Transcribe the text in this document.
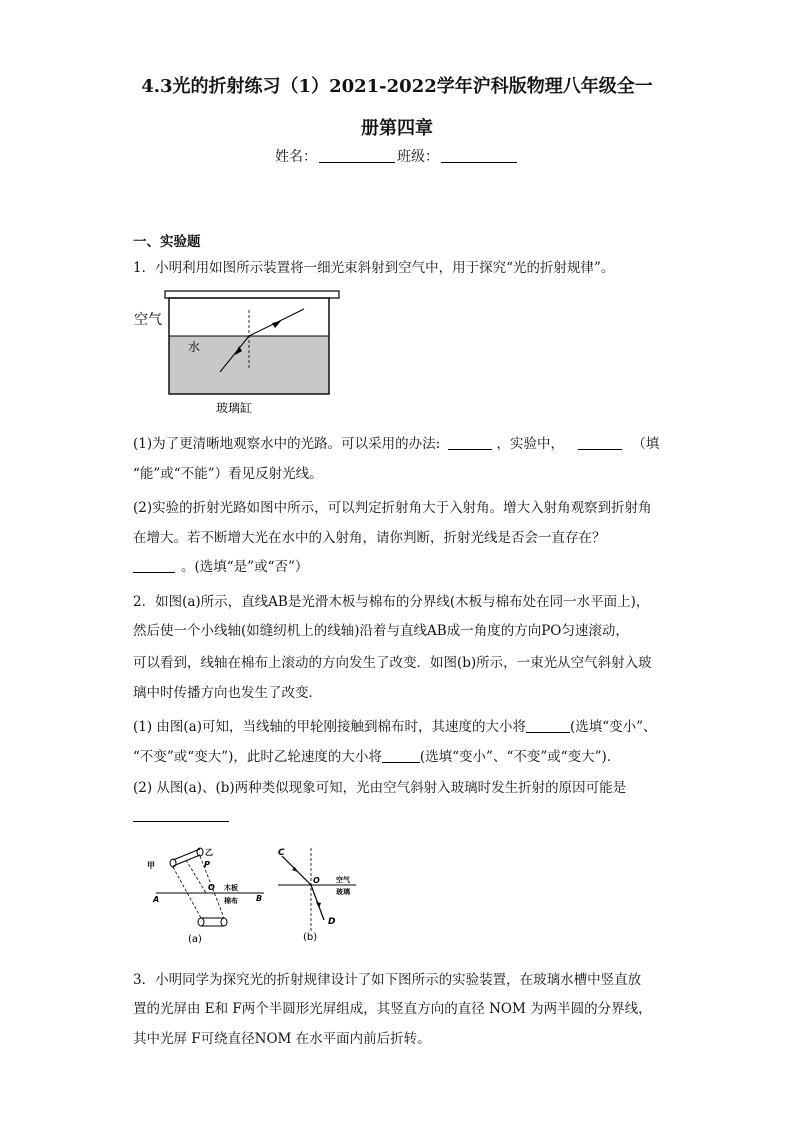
4.3光的折射练习（1）2021-2022学年沪科版物理八年级全一
册第四章
姓名：	班级：
一、实验题
1．小明利用如图所示装置将一细光束斜射到空气中，用于探究“光的折射规律”。
空气
水
玻璃缸
(1)为了更清晰地观察水中的光路。可以采用的办法:	，实验中，	（填
“能”或“不能”）看见反射光线。
(2)实验的折射光路如图中所示，可以判定折射角大于入射角。增大入射角观察到折射角
在增大。若不断增大光在水中的入射角，请你判断，折射光线是否会一直存在？
。(选填“是”或“否”）
2．如图(a)所示，直线AB是光滑木板与棉布的分界线(木板与棉布处在同一水平面上)，
然后使一个小线轴(如缝纫机上的线轴)沿着与直线AB成一角度的方向PO匀速滚动，
可以看到，线轴在棉布上滚动的方向发生了改变．如图(b)所示，一束光从空气斜射入玻
璃中时传播方向也发生了改变．
(1) 由图(a)可知，当线轴的甲轮刚接触到棉布时，其速度的大小将	(选填“变小”、
“不变”或“变大”)，此时乙轮速度的大小将	(选填“变小”、“不变”或“变大”)．
(2) 从图(a)、(b)两种类似现象可知，光由空气斜射入玻璃时发生折射的原因可能是
甲
乙
P
A
O 木板
棉布 B
(a)
C
O 空气
玻璃
D
(b)
3．小明同学为探究光的折射规律设计了如下图所示的实验装置，在玻璃水槽中竖直放
置的光屏由 E和 F两个半圆形光屏组成，其竖直方向的直径 NOM 为两半圆的分界线，
其中光屏 F可绕直径NOM 在水平面内前后折转。
